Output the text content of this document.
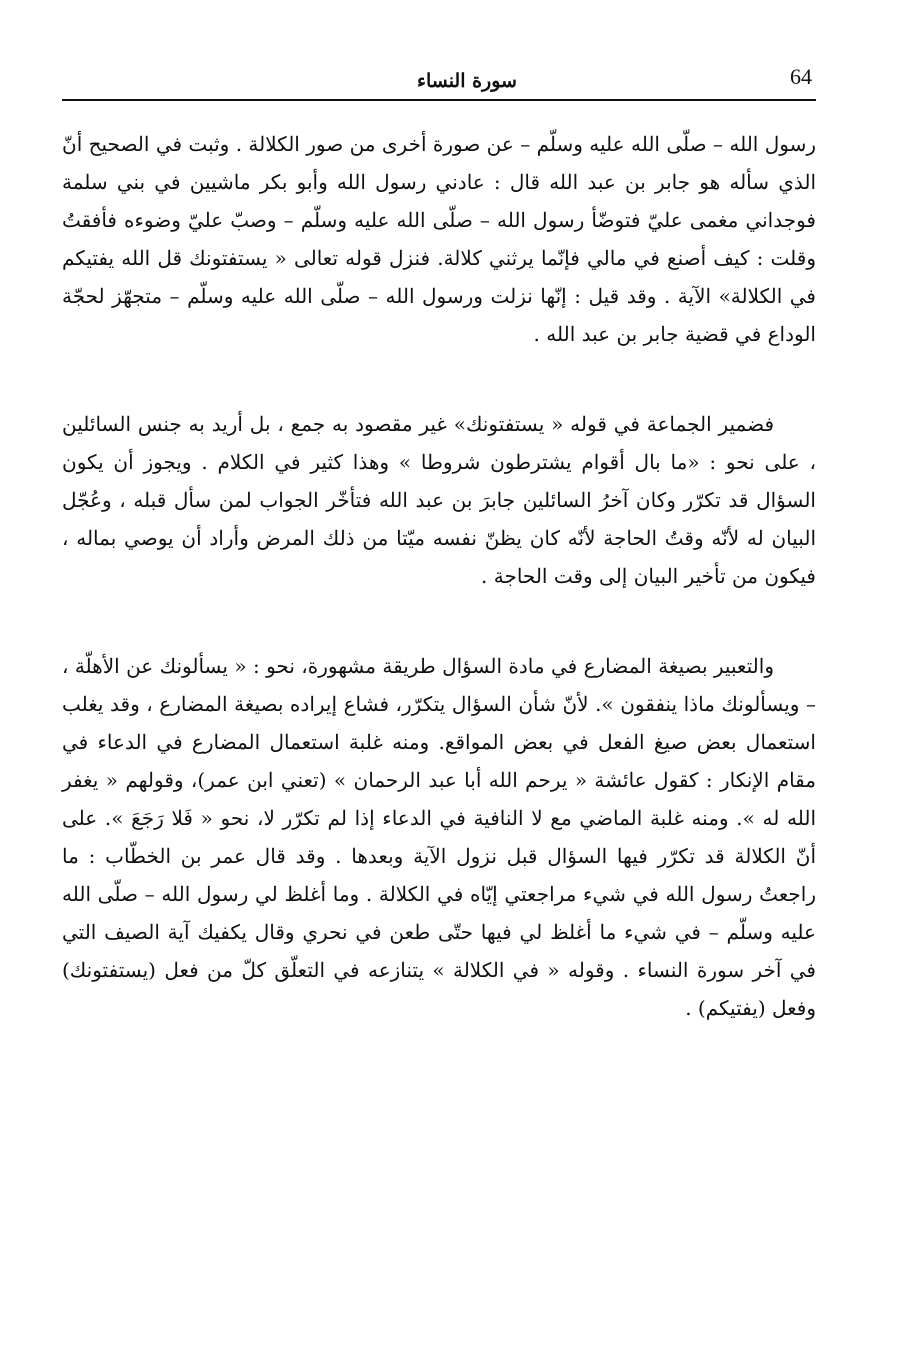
64
سورة النساء

رسول الله – صلّى الله عليه وسلّم – عن صورة أخرى من صور الكلالة . وثبت في الصحيح أنّ الذي سأله هو جابر بن عبد الله قال : عادني رسول الله وأبو بكر ماشيين في بني سلمة فوجداني مغمى عليّ فتوضّأ رسول الله – صلّى الله عليه وسلّم – وصبّ عليّ وضوءه فأفقتُ وقلت : كيف أصنع في مالي فإنّما يرثني كلالة. فنزل قوله تعالى « يستفتونك قل الله يفتيكم في الكلالة» الآية . وقد قيل : إنّها نزلت ورسول الله – صلّى الله عليه وسلّم – متجهّز لحجّة الوداع في قضية جابر بن عبد الله .

فضمير الجماعة في قوله « يستفتونك» غير مقصود به جمع ، بل أريد به جنس السائلين ، على نحو : «ما بال أقوام يشترطون شروطا » وهذا كثير في الكلام . ويجوز أن يكون السؤال قد تكرّر وكان آخرُ السائلين جابرَ بن عبد الله فتأخّر الجواب لمن سأل قبله ، وعُجّل البيان له لأنّه وقتُ الحاجة لأنّه كان يظنّ نفسه ميّتا من ذلك المرض وأراد أن يوصي بماله ، فيكون من تأخير البيان إلى وقت الحاجة .

والتعبير بصيغة المضارع في مادة السؤال طريقة مشهورة، نحو : « يسألونك عن الأهلّة ، – ويسألونك ماذا ينفقون ». لأنّ شأن السؤال يتكرّر، فشاع إيراده بصيغة المضارع ، وقد يغلب استعمال بعض صيغ الفعل في بعض المواقع. ومنه غلبة استعمال المضارع في الدعاء في مقام الإنكار : كقول عائشة « يرحم الله أبا عبد الرحمان » (تعني ابن عمر)، وقولهم « يغفر الله له ». ومنه غلبة الماضي مع لا النافية في الدعاء إذا لم تكرّر لا، نحو « فَلا رَجَعَ ». على أنّ الكلالة قد تكرّر فيها السؤال قبل نزول الآية وبعدها . وقد قال عمر بن الخطّاب : ما راجعتُ رسول الله في شيء مراجعتي إيّاه في الكلالة . وما أغلظ لي رسول الله – صلّى الله عليه وسلّم – في شيء ما أغلظ لي فيها حتّى طعن في نحري وقال يكفيك آية الصيف التي في آخر سورة النساء . وقوله « في الكلالة » يتنازعه في التعلّق كلّ من فعل (يستفتونك) وفعل (يفتيكم) .
